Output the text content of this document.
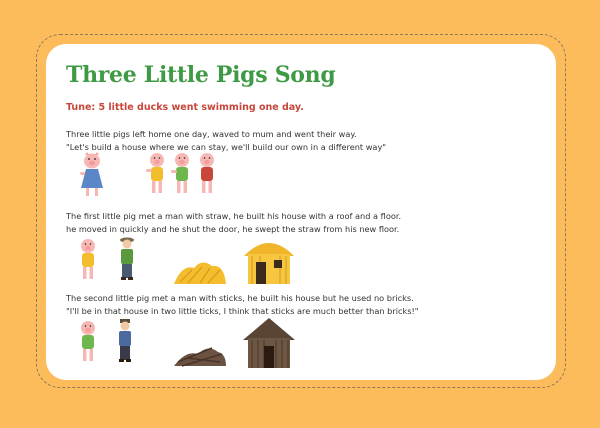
Three Little Pigs Song
Tune: 5 little ducks went swimming one day.
Three little pigs left home one day, waved to mum and went their way.
"Let's build a house where we can stay, we'll build our own in a different way"
The first little pig met a man with straw, he built his house with a roof and a floor.
he moved in quickly and he shut the door, he swept the straw from his new floor.
The second little pig met a man with sticks, he built his house but he used no bricks.
"I'll be in that house in two little ticks, I think that sticks are much better than bricks!"
